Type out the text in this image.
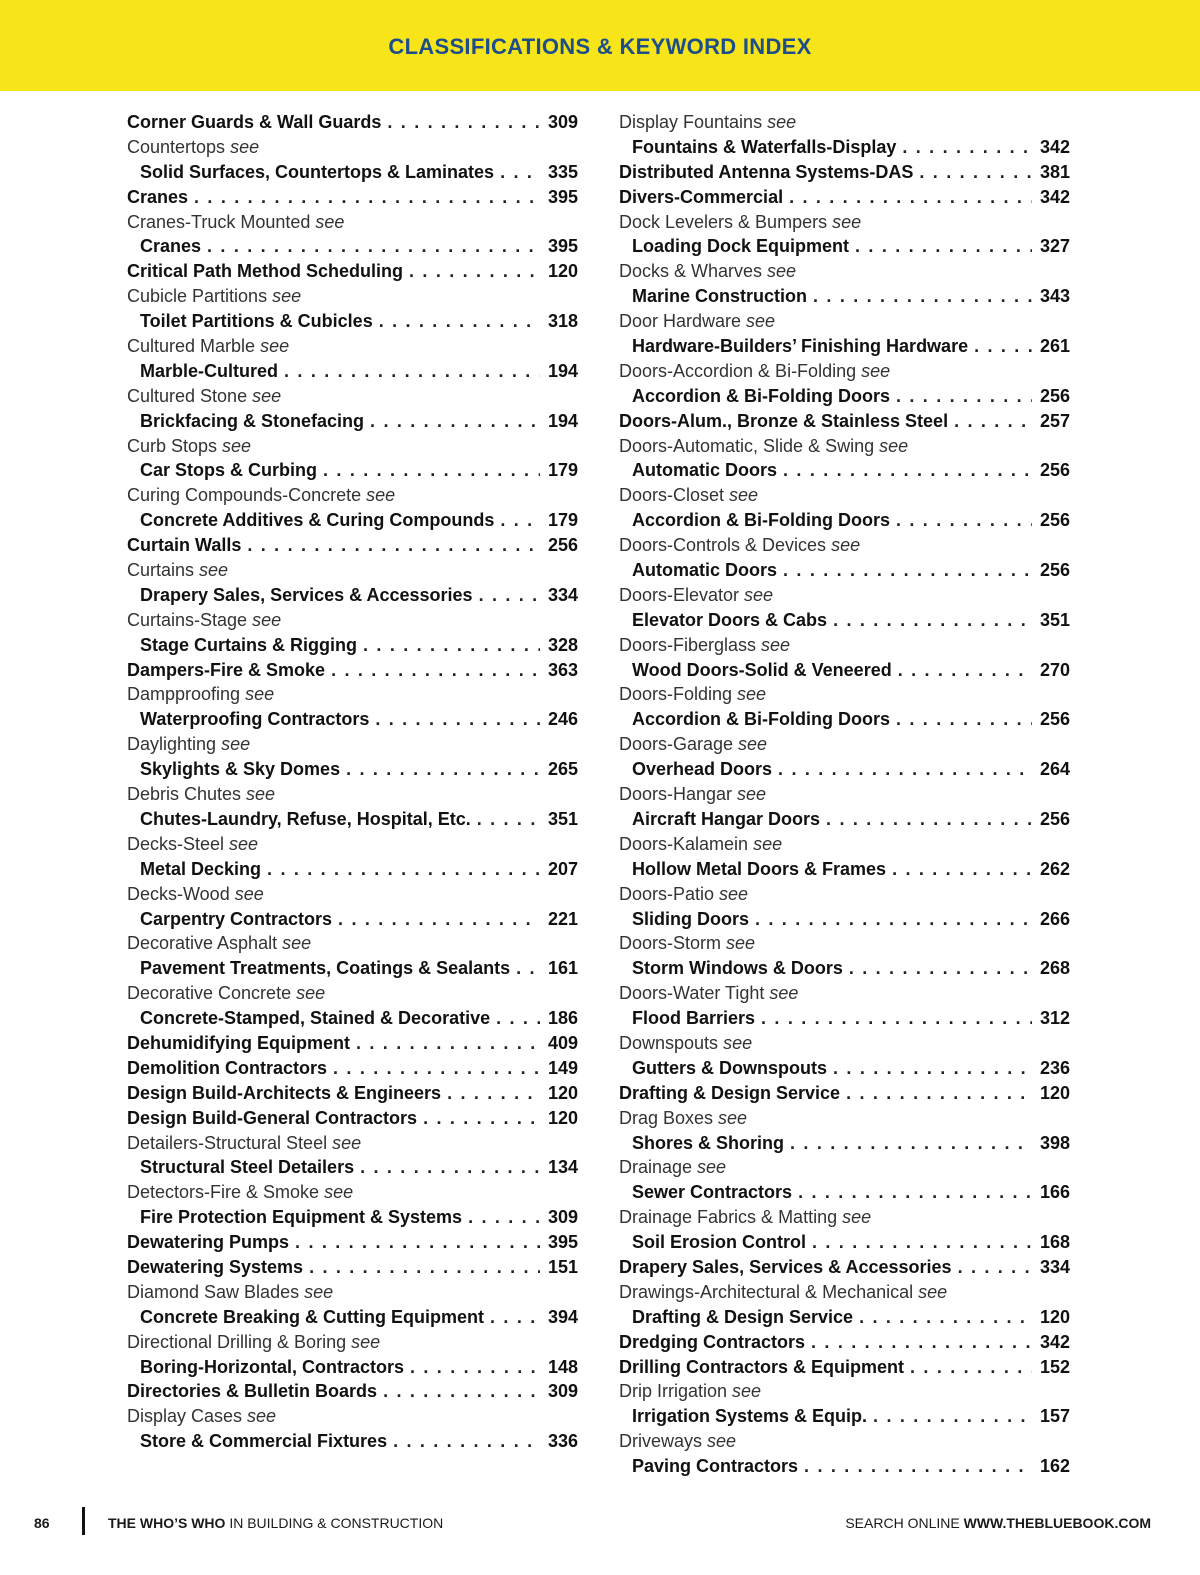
CLASSIFICATIONS & KEYWORD INDEX
Corner Guards & Wall Guards . . .	309
Countertops see
Solid Surfaces, Countertops & Laminates . . .	335
Cranes . . .	395
Cranes-Truck Mounted see
Cranes . . .	395
Critical Path Method Scheduling . . .	120
Cubicle Partitions see
Toilet Partitions & Cubicles . . .	318
Cultured Marble see
Marble-Cultured . . .	194
Cultured Stone see
Brickfacing & Stonefacing . . .	194
Curb Stops see
Car Stops & Curbing . . .	179
Curing Compounds-Concrete see
Concrete Additives & Curing Compounds . . .	179
Curtain Walls . . .	256
Curtains see
Drapery Sales, Services & Accessories . . .	334
Curtains-Stage see
Stage Curtains & Rigging . . .	328
Dampers-Fire & Smoke . . .	363
Dampproofing see
Waterproofing Contractors . . .	246
Daylighting see
Skylights & Sky Domes . . .	265
Debris Chutes see
Chutes-Laundry, Refuse, Hospital, Etc. . . .	351
Decks-Steel see
Metal Decking . . .	207
Decks-Wood see
Carpentry Contractors . . .	221
Decorative Asphalt see
Pavement Treatments, Coatings & Sealants . . . 161
Decorative Concrete see
Concrete-Stamped, Stained & Decorative . . .	186
Dehumidifying Equipment . . .	409
Demolition Contractors . . .	149
Design Build-Architects & Engineers . . .	120
Design Build-General Contractors . . .	120
Detailers-Structural Steel see
Structural Steel Detailers . . .	134
Detectors-Fire & Smoke see
Fire Protection Equipment & Systems . . .	309
Dewatering Pumps . . .	395
Dewatering Systems . . .	151
Diamond Saw Blades see
Concrete Breaking & Cutting Equipment . . .	394
Directional Drilling & Boring see
Boring-Horizontal, Contractors . . .	148
Directories & Bulletin Boards . . .	309
Display Cases see
Store & Commercial Fixtures . . .	336
Display Fountains see
Fountains & Waterfalls-Display . . .	342
Distributed Antenna Systems-DAS . . .	381
Divers-Commercial . . .	342
Dock Levelers & Bumpers see
Loading Dock Equipment . . .	327
Docks & Wharves see
Marine Construction . . .	343
Door Hardware see
Hardware-Builders’ Finishing Hardware . . .	261
Doors-Accordion & Bi-Folding see
Accordion & Bi-Folding Doors . . .	256
Doors-Alum., Bronze & Stainless Steel . . .	257
Doors-Automatic, Slide & Swing see
Automatic Doors . . .	256
Doors-Closet see
Accordion & Bi-Folding Doors . . .	256
Doors-Controls & Devices see
Automatic Doors . . .	256
Doors-Elevator see
Elevator Doors & Cabs . . .	351
Doors-Fiberglass see
Wood Doors-Solid & Veneered . . .	270
Doors-Folding see
Accordion & Bi-Folding Doors . . .	256
Doors-Garage see
Overhead Doors . . .	264
Doors-Hangar see
Aircraft Hangar Doors . . .	256
Doors-Kalamein see
Hollow Metal Doors & Frames . . .	262
Doors-Patio see
Sliding Doors . . .	266
Doors-Storm see
Storm Windows & Doors . . .	268
Doors-Water Tight see
Flood Barriers . . .	312
Downspouts see
Gutters & Downspouts . . .	236
Drafting & Design Service . . .	120
Drag Boxes see
Shores & Shoring . . .	398
Drainage see
Sewer Contractors . . .	166
Drainage Fabrics & Matting see
Soil Erosion Control . . .	168
Drapery Sales, Services & Accessories . . .	334
Drawings-Architectural & Mechanical see
Drafting & Design Service . . .	120
Dredging Contractors . . .	342
Drilling Contractors & Equipment . . .	152
Drip Irrigation see
Irrigation Systems & Equip. . . .	157
Driveways see
Paving Contractors . . .	162
86	THE WHO’S WHO IN BUILDING & CONSTRUCTION	SEARCH ONLINE WWW.THEBLUEBOOK.COM
